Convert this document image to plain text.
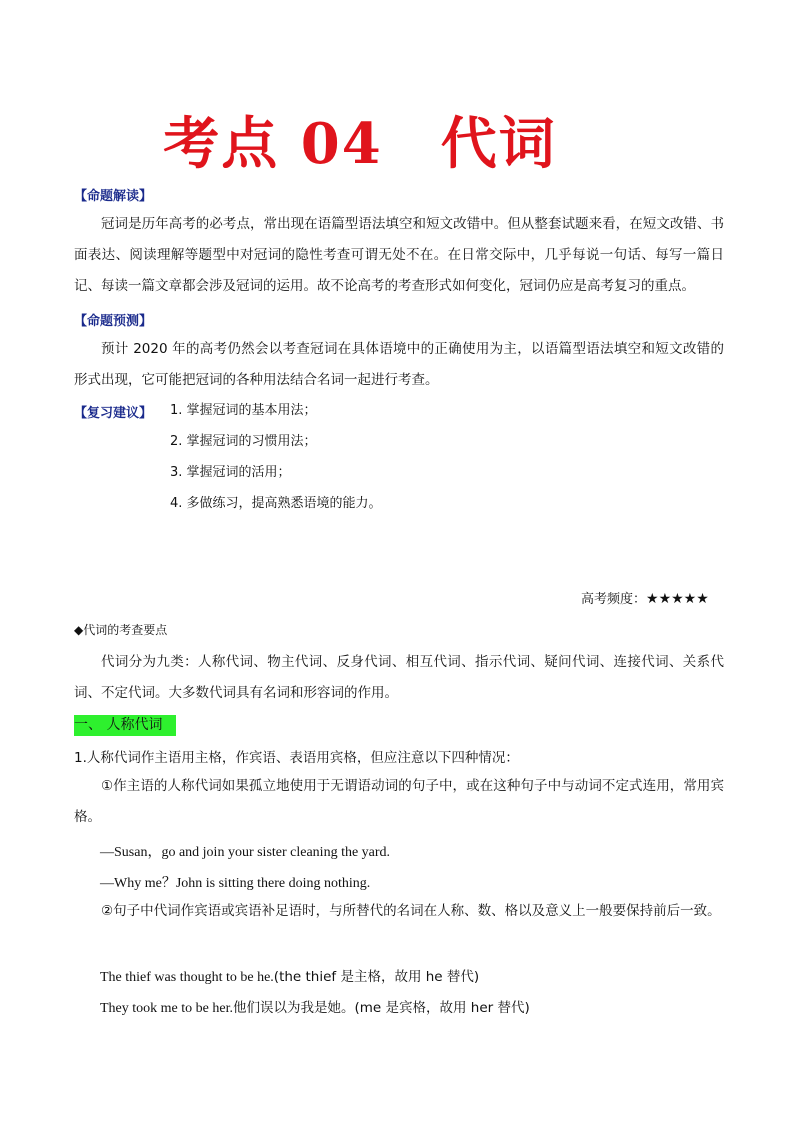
考点 04 代词
【命题解读】

冠词是历年高考的必考点，常出现在语篇型语法填空和短文改错中。但从整套试题来看，在短文改错、书面表达、阅读理解等题型中对冠词的隐性考查可谓无处不在。在日常交际中，几乎每说一句话、每写一篇日记、每读一篇文章都会涉及冠词的运用。故不论高考的考查形式如何变化，冠词仍应是高考复习的重点。

【命题预测】

预计 2020 年的高考仍然会以考查冠词在具体语境中的正确使用为主，以语篇型语法填空和短文改错的形式出现，它可能把冠词的各种用法结合名词一起进行考查。

【复习建议】 1. 掌握冠词的基本用法；
2. 掌握冠词的习惯用法；
3. 掌握冠词的活用；
4. 多做练习，提高熟悉语境的能力。
高考频度：★★★★★
◆代词的考查要点

代词分为九类：人称代词、物主代词、反身代词、相互代词、指示代词、疑问代词、连接代词、关系代词、不定代词。大多数代词具有名词和形容词的作用。

一、 人称代词
1.人称代词作主语用主格，作宾语、表语用宾格，但应注意以下四种情况：

①作主语的人称代词如果孤立地使用于无谓语动词的句子中，或在这种句子中与动词不定式连用，常用宾格。

—Susan，go and join your sister cleaning the yard.
—Why me？John is sitting there doing nothing.

②句子中代词作宾语或宾语补足语时，与所替代的名词在人称、数、格以及意义上一般要保持前后一致。

The thief was thought to be he.(the thief 是主格，故用 he 替代)
They took me to be her.他们误以为我是她。(me 是宾格，故用 her 替代)
